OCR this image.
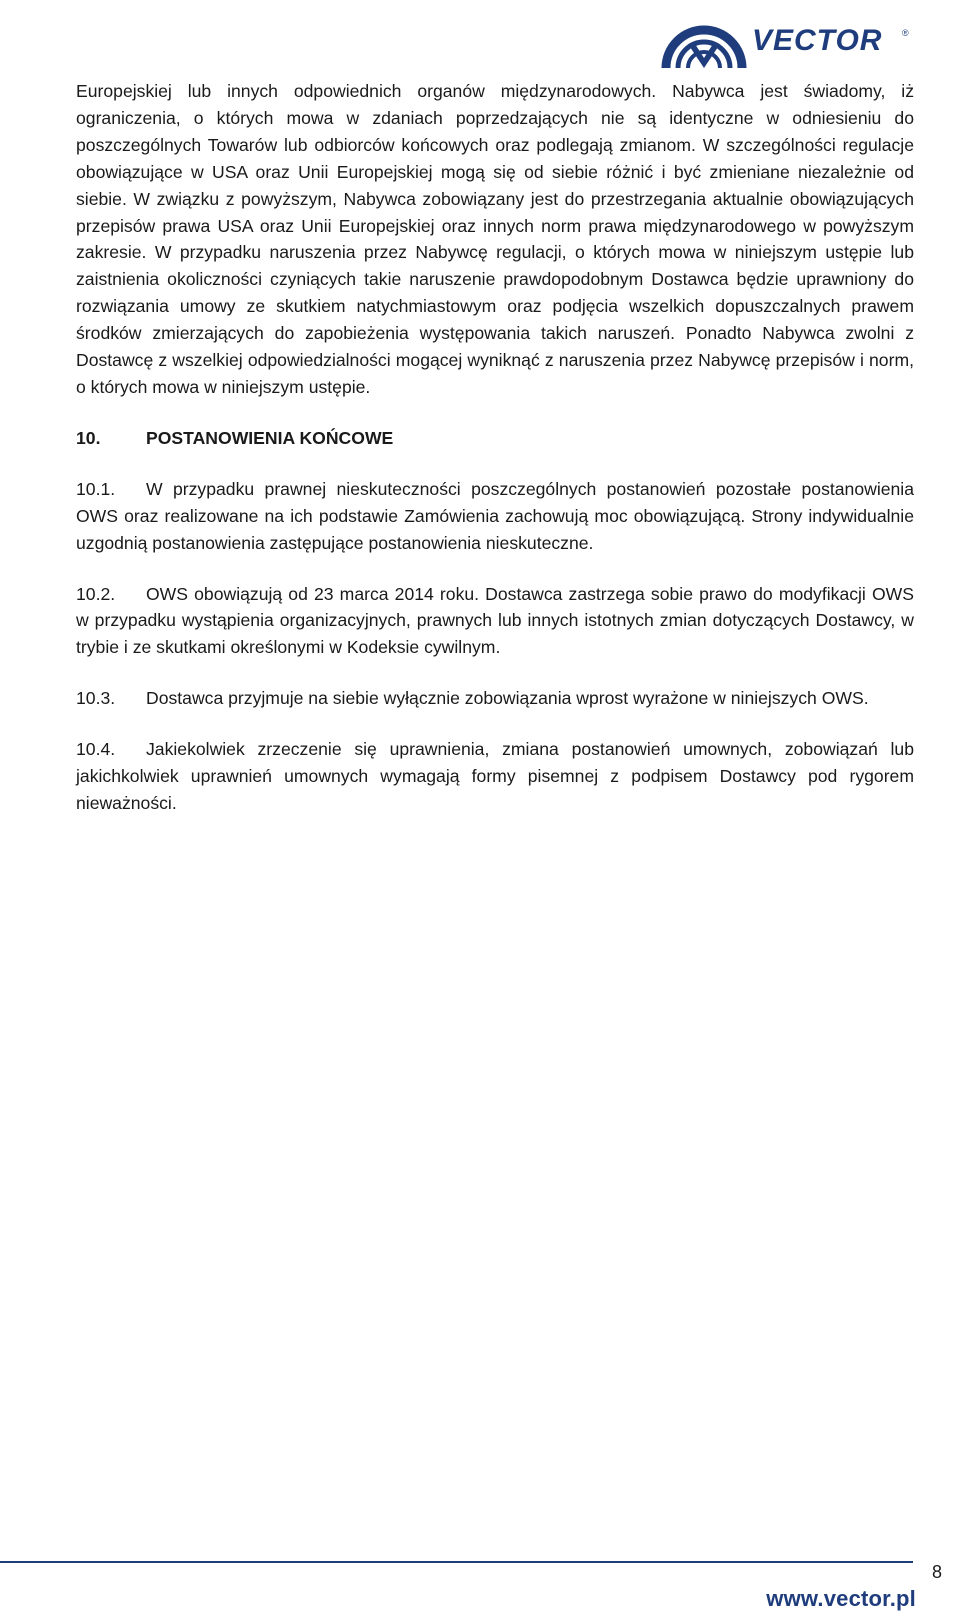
VECTOR ®

Europejskiej lub innych odpowiednich organów międzynarodowych. Nabywca jest świadomy, iż ograniczenia, o których mowa w zdaniach poprzedzających nie są identyczne w odniesieniu do poszczególnych Towarów lub odbiorców końcowych oraz podlegają zmianom. W szczególności regulacje obowiązujące w USA oraz Unii Europejskiej mogą się od siebie różnić i być zmieniane niezależnie od siebie. W związku z powyższym, Nabywca zobowiązany jest do przestrzegania aktualnie obowiązujących przepisów prawa USA oraz Unii Europejskiej oraz innych norm prawa międzynarodowego w powyższym zakresie. W przypadku naruszenia przez Nabywcę regulacji, o których mowa w niniejszym ustępie lub zaistnienia okoliczności czyniących takie naruszenie prawdopodobnym Dostawca będzie uprawniony do rozwiązania umowy ze skutkiem natychmiastowym oraz podjęcia wszelkich dopuszczalnych prawem środków zmierzających do zapobieżenia występowania takich naruszeń. Ponadto Nabywca zwolni z Dostawcę z wszelkiej odpowiedzialności mogącej wyniknąć z naruszenia przez Nabywcę przepisów i norm, o których mowa w niniejszym ustępie.

10.	POSTANOWIENIA KOŃCOWE

10.1. W przypadku prawnej nieskuteczności poszczególnych postanowień pozostałe postanowienia OWS oraz realizowane na ich podstawie Zamówienia zachowują moc obowiązującą. Strony indywidualnie uzgodnią postanowienia zastępujące postanowienia nieskuteczne.

10.2. OWS obowiązują od 23 marca 2014 roku. Dostawca zastrzega sobie prawo do modyfikacji OWS w przypadku wystąpienia organizacyjnych, prawnych lub innych istotnych zmian dotyczących Dostawcy, w trybie i ze skutkami określonymi w Kodeksie cywilnym.

10.3. Dostawca przyjmuje na siebie wyłącznie zobowiązania wprost wyrażone w niniejszych OWS.

10.4. Jakiekolwiek zrzeczenie się uprawnienia, zmiana postanowień umownych, zobowiązań lub jakichkolwiek uprawnień umownych wymagają formy pisemnej z podpisem Dostawcy pod rygorem nieważności.

8
www.vector.pl
